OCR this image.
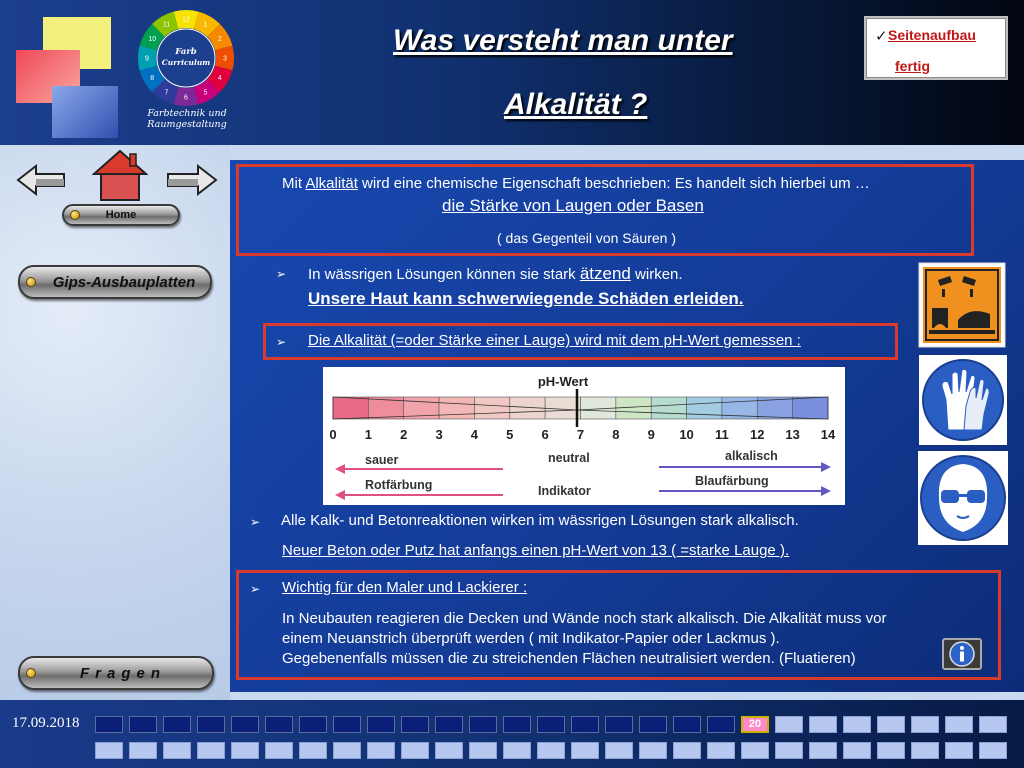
12
1
2
3
4
5
6
7
8
9
10
11
Farb
Curriculum
Farbtechnik und
Raumgestaltung
Was versteht man unter
Alkalität ?
✓ Seitenaufbau
fertig
Home
Gips-Ausbauplatten
Fragen
Mit Alkalität wird eine chemische Eigenschaft beschrieben: Es handelt sich hierbei um …
die Stärke von Laugen oder Basen
( das Gegenteil von Säuren )
➢ In wässrigen Lösungen können sie stark ätzend wirken.
Unsere Haut kann schwerwiegende Schäden erleiden.
➢ Die Alkalität (=oder Stärke einer Lauge) wird mit dem pH-Wert gemessen :
pH-Wert
0 1 2 3 4 5 6 7 8 9 10 11 12 13 14
sauer	neutral	alkalisch
Rotfärbung	Indikator
Blaufärbung
➢ Alle Kalk- und Betonreaktionen wirken im wässrigen Lösungen stark alkalisch.
Neuer Beton oder Putz hat anfangs einen pH-Wert von 13 ( =starke Lauge ).
➢ Wichtig für den Maler und Lackierer :
In Neubauten reagieren die Decken und Wände noch stark alkalisch. Die Alkalität muss vor
einem Neuanstrich überprüft werden ( mit Indikator-Papier oder Lackmus ).
Gegebenenfalls müssen die zu streichenden Flächen neutralisiert werden. (Fluatieren)
17.09.2018	20
